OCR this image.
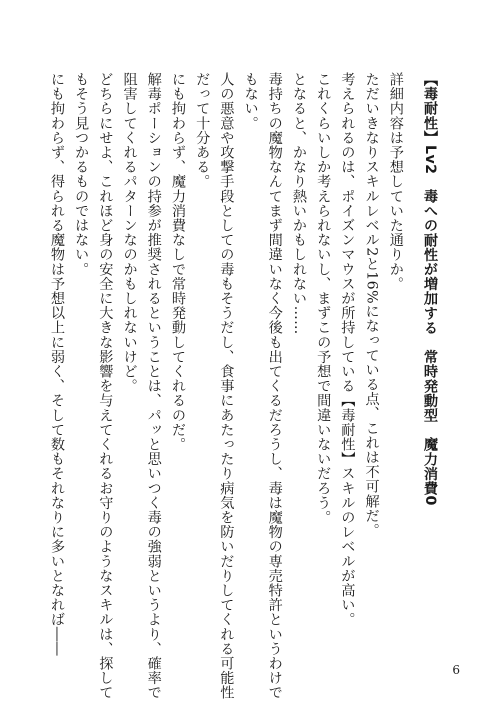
【毒耐性】Lv2　毒への耐性が増加する　常時発動型　魔力消費0
詳細内容は予想していた通りか。
ただいきなりスキルレベル2と16%になっている点、これは不可解だ。
考えられるのは、ポイズンマウスが所持している【毒耐性】スキルのレベルが高い。
これくらいしか考えられないし、まずこの予想で間違いないだろう。
となると、かなり熱いかもしれない……
毒持ちの魔物なんてまず間違いなく今後も出てくるだろうし、毒は魔物の専売特許というわけで
もない。
人の悪意や攻撃手段としての毒もそうだし、食事にあたったり病気を防いだりしてくれる可能性
だって十分ある。
にも拘わらず、魔力消費なしで常時発動してくれるのだ。
解毒ポーションの持参が推奨されるということは、パッと思いつく毒の強弱というより、確率で
阻害してくれるパターンなのかもしれないけど。
どちらにせよ、これほど身の安全に大きな影響を与えてくれるお守りのようなスキルは、探して
もそう見つかるものではない。
にも拘わらず、得られる魔物は予想以上に弱く、そして数もそれなりに多いとなれば――
6
